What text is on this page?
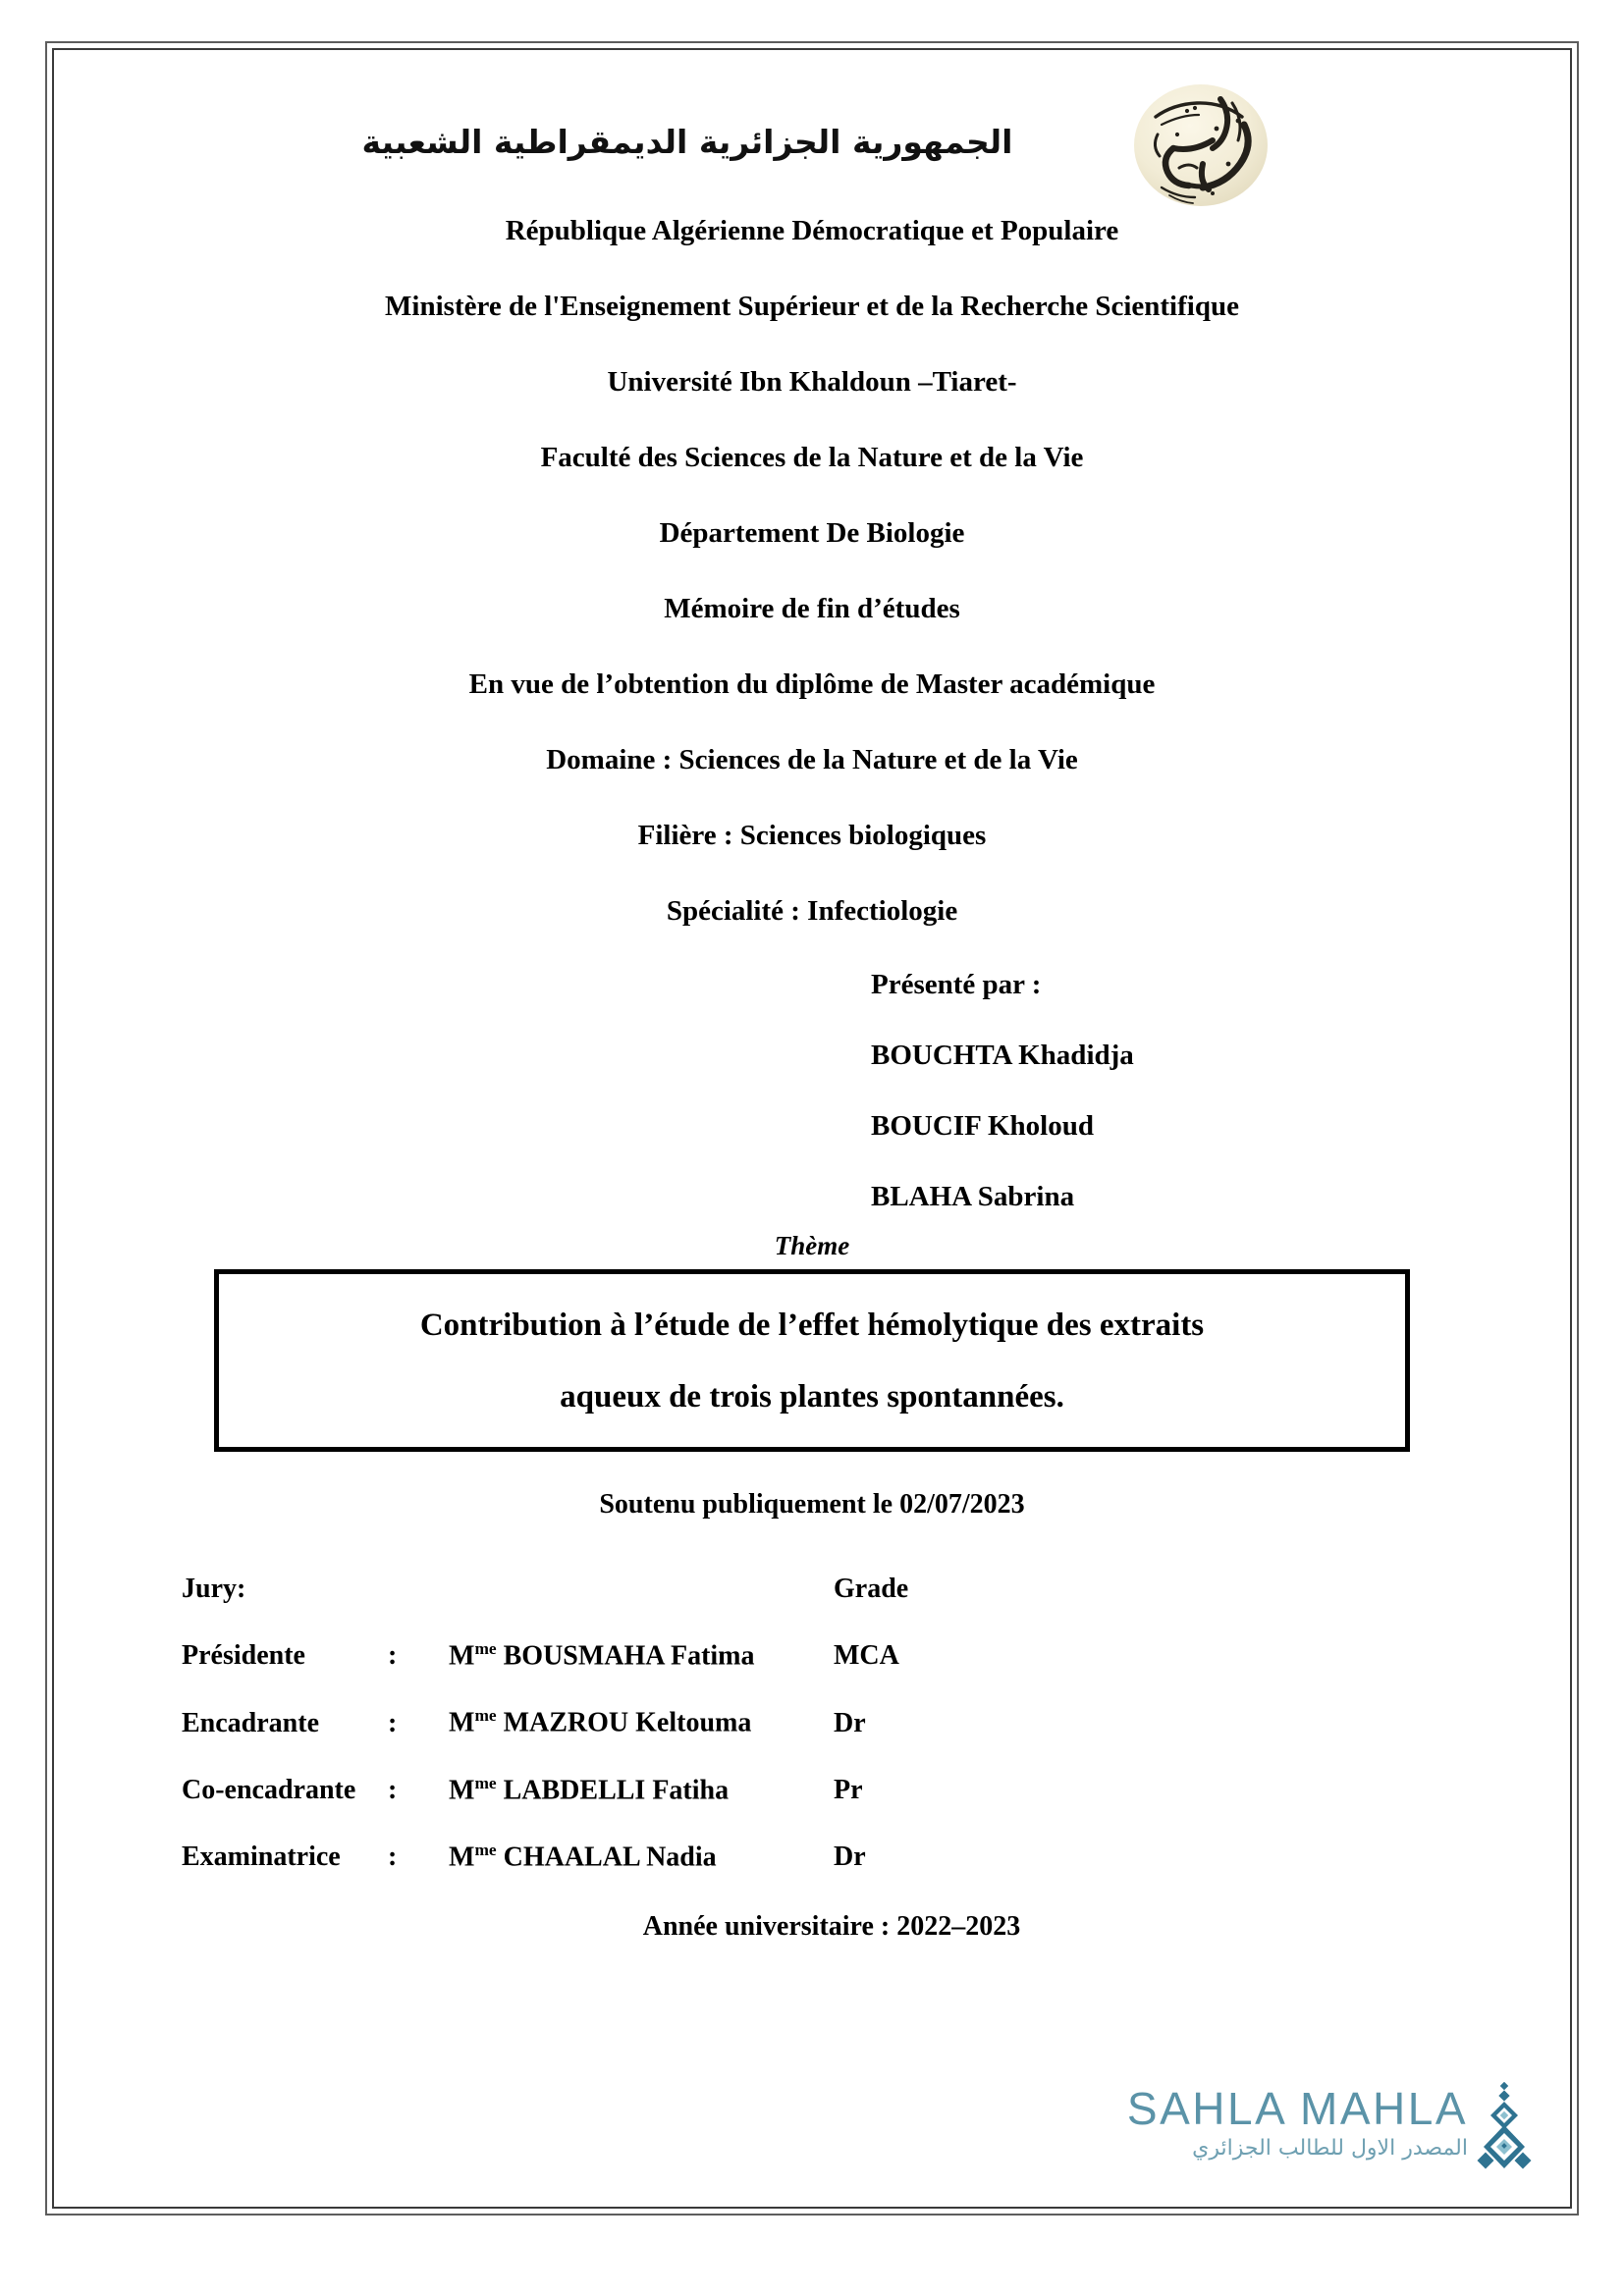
الجمهورية الجزائرية الديمقراطية الشعبية
République Algérienne Démocratique et Populaire
Ministère de l'Enseignement Supérieur et de la Recherche Scientifique
Université Ibn Khaldoun –Tiaret-
Faculté des Sciences de la Nature et de la Vie
Département De Biologie
Mémoire de fin d’études
En vue de l’obtention du diplôme de Master académique
Domaine : Sciences de la Nature et de la Vie
Filière : Sciences biologiques
Spécialité : Infectiologie
Présenté par :
BOUCHTA Khadidja
BOUCIF Kholoud
BLAHA Sabrina
Thème
Contribution à l’étude de l’effet hémolytique des extraits
aqueux de trois plantes spontannées.
Soutenu publiquement le 02/07/2023
Jury:			Grade
Présidente	:	$M^{me}$ BOUSMAHA Fatima	MCA
Encadrante	:	$M^{me}$ MAZROU Keltouma	Dr
Co-encadrante	:	$M^{me}$ LABDELLI Fatiha	Pr
Examinatrice	:	$M^{me}$ CHAALAL Nadia	Dr
Année universitaire : 2022–2023
SAHLA MAHLA
المصدر الاول للطالب الجزائري
